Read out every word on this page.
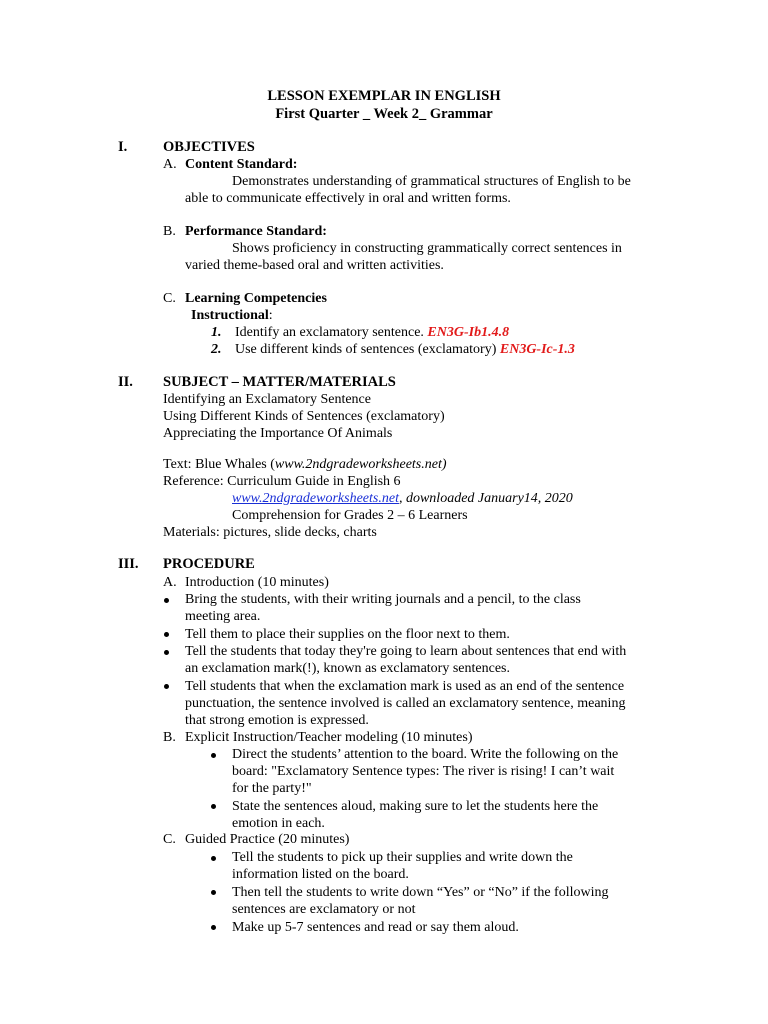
LESSON EXEMPLAR IN ENGLISH
First Quarter _ Week 2_ Grammar
I. OBJECTIVES
A. Content Standard:
Demonstrates understanding of grammatical structures of English to be
able to communicate effectively in oral and written forms.
B. Performance Standard:
Shows proficiency in constructing grammatically correct sentences in
varied theme-based oral and written activities.
C. Learning Competencies
Instructional:
1. Identify an exclamatory sentence. EN3G-Ib1.4.8
2. Use different kinds of sentences (exclamatory) EN3G-Ic-1.3
II. SUBJECT – MATTER/MATERIALS
Identifying an Exclamatory Sentence
Using Different Kinds of Sentences (exclamatory)
Appreciating the Importance Of Animals
Text: Blue Whales (www.2ndgradeworksheets.net)
Reference: Curriculum Guide in English 6
www.2ndgradeworksheets.net, downloaded January14, 2020
Comprehension for Grades 2 – 6 Learners
Materials: pictures, slide decks, charts
III. PROCEDURE
A. Introduction (10 minutes)
Bring the students, with their writing journals and a pencil, to the class
meeting area.
Tell them to place their supplies on the floor next to them.
Tell the students that today they're going to learn about sentences that end with
an exclamation mark(!), known as exclamatory sentences.
Tell students that when the exclamation mark is used as an end of the sentence
punctuation, the sentence involved is called an exclamatory sentence, meaning
that strong emotion is expressed.
B. Explicit Instruction/Teacher modeling (10 minutes)
Direct the students’ attention to the board. Write the following on the
board: "Exclamatory Sentence types: The river is rising! I can’t wait
for the party!"
State the sentences aloud, making sure to let the students here the
emotion in each.
C. Guided Practice (20 minutes)
Tell the students to pick up their supplies and write down the
information listed on the board.
Then tell the students to write down “Yes” or “No” if the following
sentences are exclamatory or not
Make up 5-7 sentences and read or say them aloud.
